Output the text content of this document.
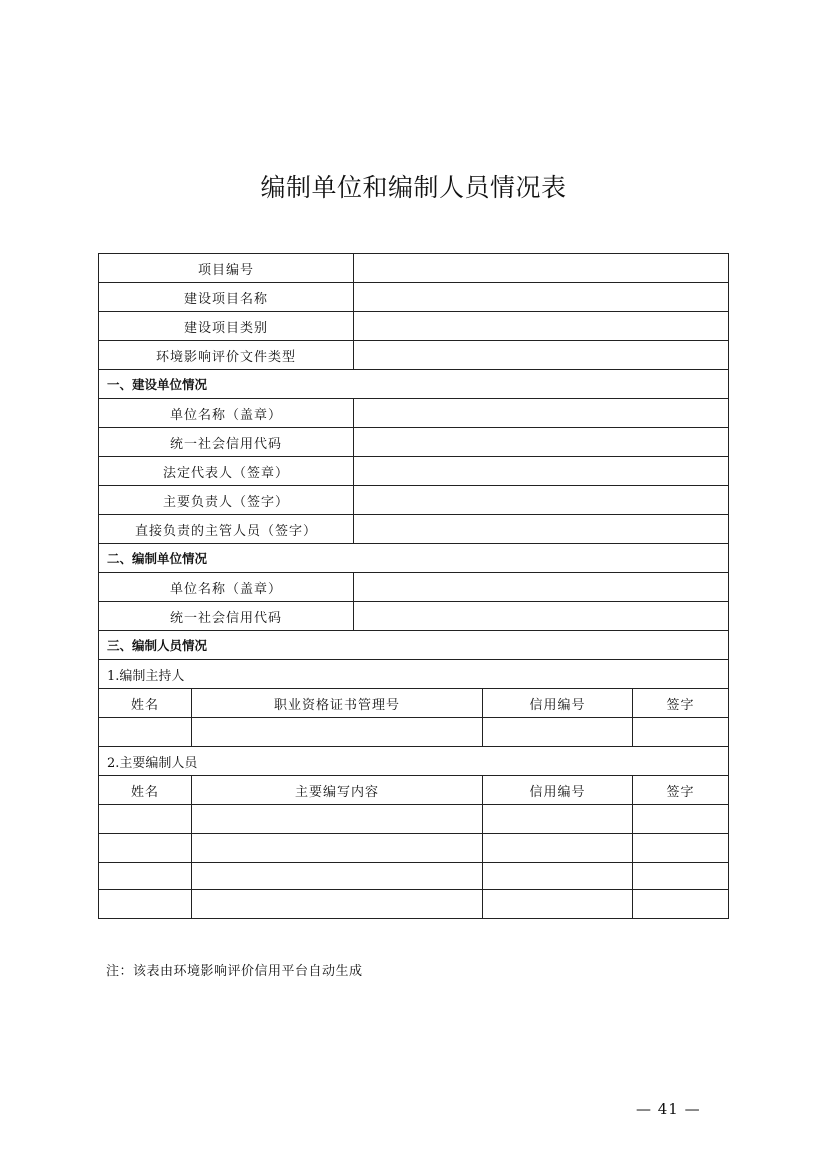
编制单位和编制人员情况表
项目编号				
建设项目名称				
建设项目类别				
环境影响评价文件类型				
一、建设单位情况				
单位名称（盖章）				
统一社会信用代码				
法定代表人（签章）				
主要负责人（签字）				
直接负责的主管人员（签字）				
二、编制单位情况				
单位名称（盖章）				
统一社会信用代码				
三、编制人员情况				
1.编制主持人				
姓名	职业资格证书管理号		信用编号	签字

2.主要编制人员				
姓名	主要编写内容		信用编号	签字

注：该表由环境影响评价信用平台自动生成
— 41 —
